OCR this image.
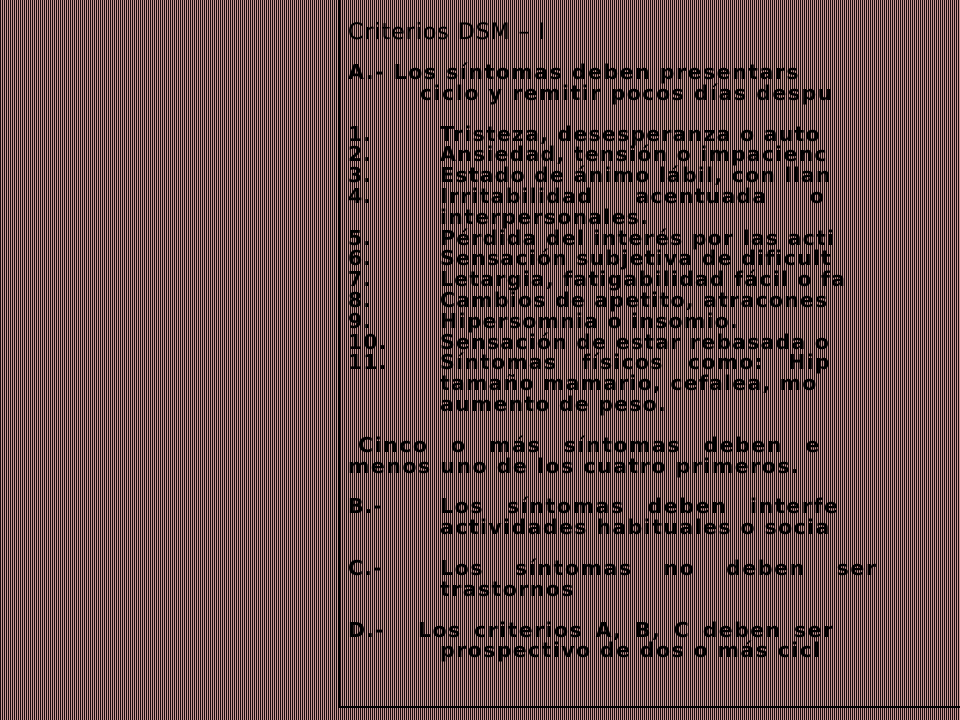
Criterios DSM – I
A.- Los síntomas deben presentars
ciclo y remitir pocos días despu
1.	Tristeza, desesperanza o auto
2.	Ansiedad, tensión o impacienc
3.	Estado de ánimo lábil, con llan
4.	Irritabilidad acentuada o
interpersonales.
5.	Pérdida del interés por las acti
6.	Sensación subjetiva de dificult
7.	Letargia, fatigabilidad fácil o fa
8.	Cambios de apetito, atracones
9.	Hipersomnia o insomio.
10.	Sensación de estar rebasada o
11.	Síntomas físicos como: Hip
tamaño mamario, cefalea, mo
aumento de peso.
Cinco o más síntomas deben e
menos uno de los cuatro primeros.
B.-	Los síntomas deben interfe
actividades habituales o socia
C.-	Los síntomas no deben ser
trastornos
D.-	Los criterios A, B, C deben ser
prospectivo de dos o más cicl
